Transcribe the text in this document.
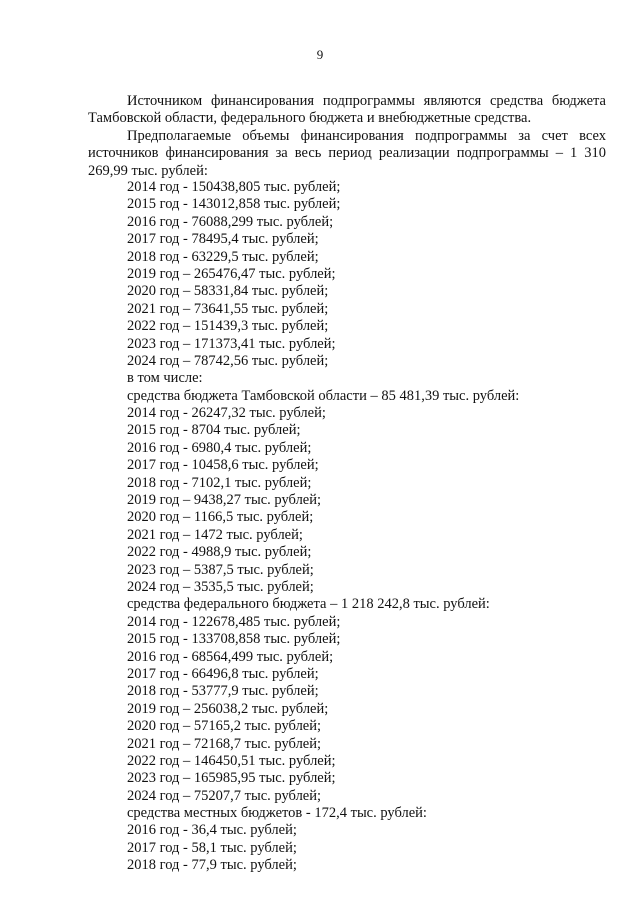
9

Источником финансирования подпрограммы являются средства бюджета Тамбовской области, федерального бюджета и внебюджетные средства.

Предполагаемые объемы финансирования подпрограммы за счет всех источников финансирования за весь период реализации подпрограммы – 1 310 269,99 тыс. рублей:

2014 год - 150438,805 тыс. рублей;
2015 год - 143012,858 тыс. рублей;
2016 год - 76088,299 тыс. рублей;
2017 год - 78495,4 тыс. рублей;
2018 год - 63229,5 тыс. рублей;
2019 год – 265476,47 тыс. рублей;
2020 год – 58331,84 тыс. рублей;
2021 год – 73641,55 тыс. рублей;
2022 год – 151439,3 тыс. рублей;
2023 год – 171373,41 тыс. рублей;
2024 год – 78742,56 тыс. рублей;
в том числе:
средства бюджета Тамбовской области – 85 481,39 тыс. рублей:
2014 год - 26247,32 тыс. рублей;
2015 год - 8704 тыс. рублей;
2016 год - 6980,4 тыс. рублей;
2017 год - 10458,6 тыс. рублей;
2018 год - 7102,1 тыс. рублей;
2019 год – 9438,27 тыс. рублей;
2020 год – 1166,5 тыс. рублей;
2021 год – 1472 тыс. рублей;
2022 год - 4988,9 тыс. рублей;
2023 год – 5387,5 тыс. рублей;
2024 год – 3535,5 тыс. рублей;
средства федерального бюджета – 1 218 242,8 тыс. рублей:
2014 год - 122678,485 тыс. рублей;
2015 год - 133708,858 тыс. рублей;
2016 год - 68564,499 тыс. рублей;
2017 год - 66496,8 тыс. рублей;
2018 год - 53777,9 тыс. рублей;
2019 год – 256038,2 тыс. рублей;
2020 год – 57165,2 тыс. рублей;
2021 год – 72168,7 тыс. рублей;
2022 год – 146450,51 тыс. рублей;
2023 год – 165985,95 тыс. рублей;
2024 год – 75207,7 тыс. рублей;
средства местных бюджетов - 172,4 тыс. рублей:
2016 год - 36,4 тыс. рублей;
2017 год - 58,1 тыс. рублей;
2018 год - 77,9 тыс. рублей;
